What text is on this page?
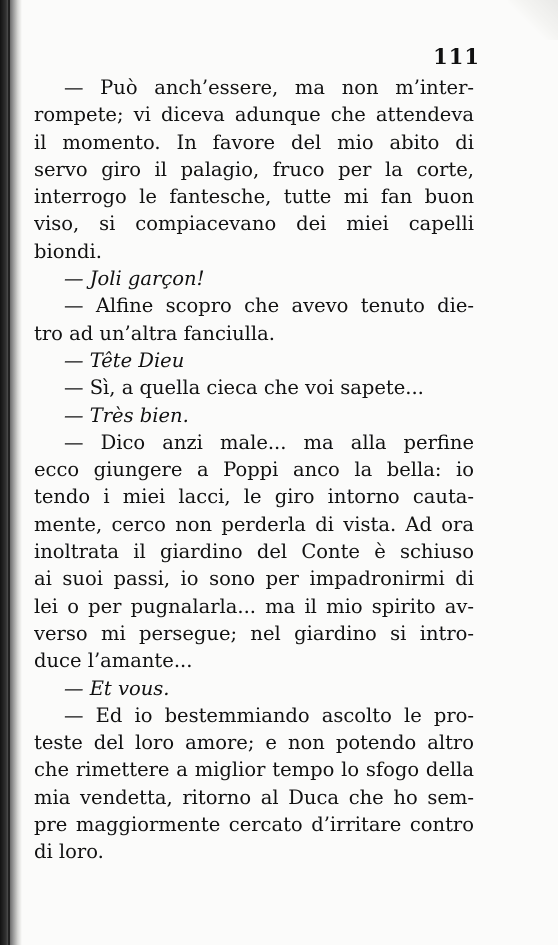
111
— Può anch’essere, ma non m’inter-
rompete; vi diceva adunque che attendeva
il momento. In favore del mio abito di
servo giro il palagio, fruco per la corte,
interrogo le fantesche, tutte mi fan buon
viso, si compiacevano dei miei capelli
biondi.
— Joli garçon!
— Alfine scopro che avevo tenuto die-
tro ad un’altra fanciulla.
— Tête Dieu
— Sì, a quella cieca che voi sapete...
— Très bien.
— Dico anzi male... ma alla perfine
ecco giungere a Poppi anco la bella: io
tendo i miei lacci, le giro intorno cauta-
mente, cerco non perderla di vista. Ad ora
inoltrata il giardino del Conte è schiuso
ai suoi passi, io sono per impadronirmi di
lei o per pugnalarla... ma il mio spirito av-
verso mi persegue; nel giardino si intro-
duce l’amante...
— Et vous.
— Ed io bestemmiando ascolto le pro-
teste del loro amore; e non potendo altro
che rimettere a miglior tempo lo sfogo della
mia vendetta, ritorno al Duca che ho sem-
pre maggiormente cercato d’irritare contro
di loro.
